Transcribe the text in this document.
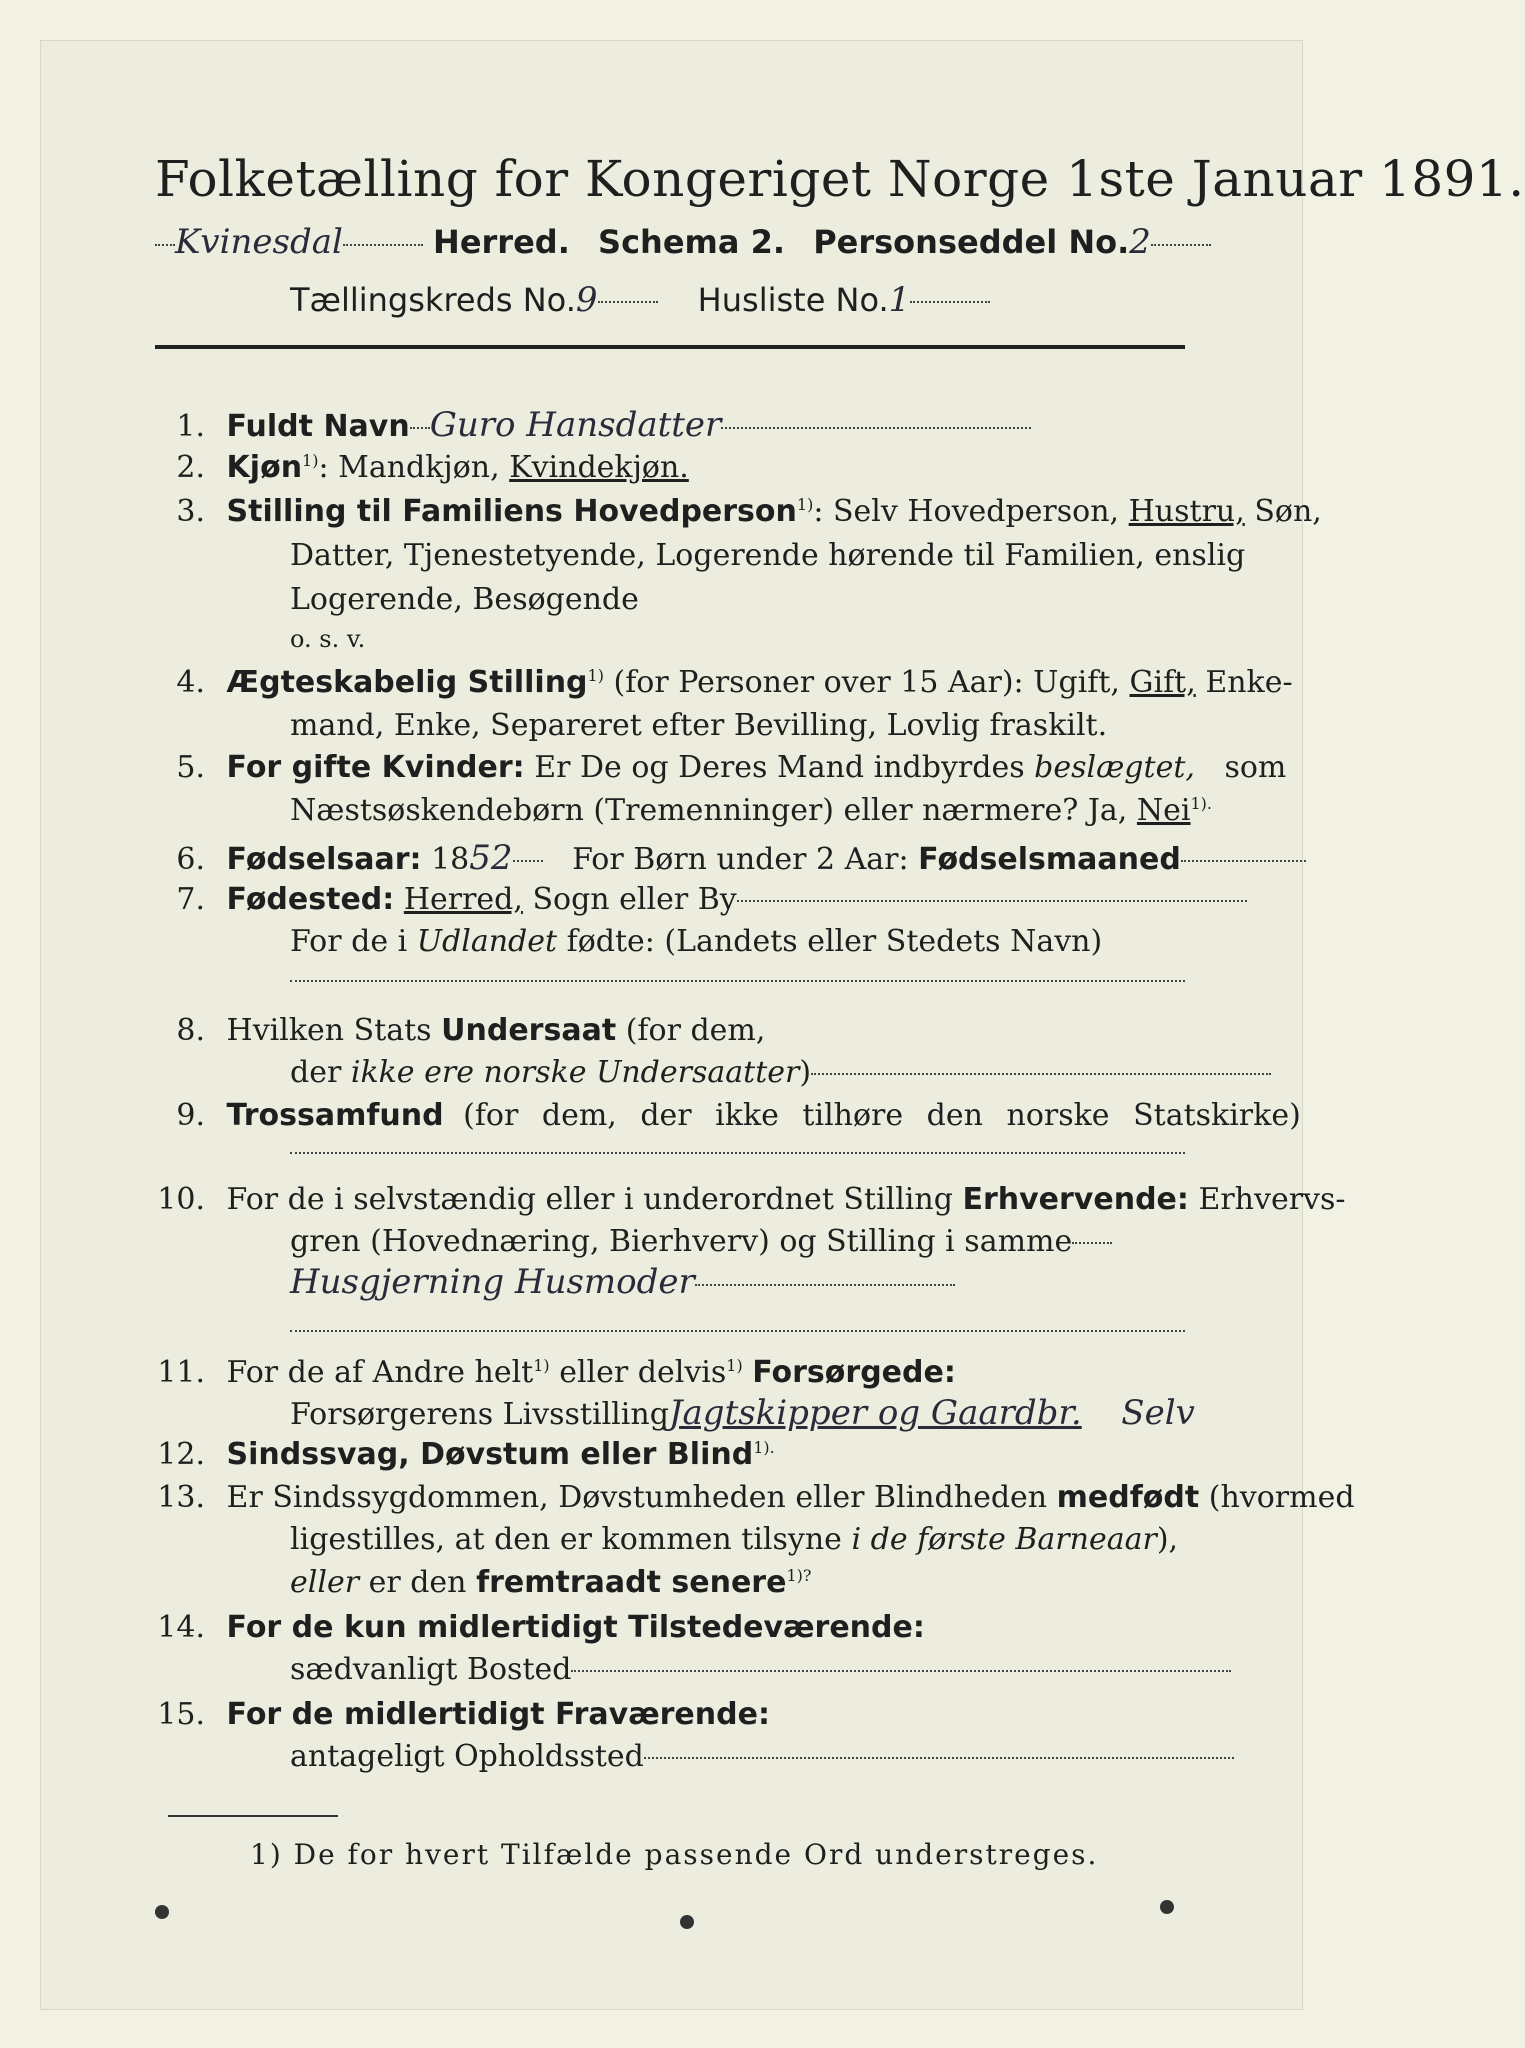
Folketælling for Kongeriget Norge 1ste Januar 1891.
Kvinesdal	Herred. Schema 2. Personseddel No.2
Tællingskreds No.9	Husliste No.1
1. Fuldt Navn Guro Hansdatter
2. Kjøn$^{1)}$: Mandkjøn, Kvindekjøn.
3. Stilling til Familiens Hovedperson$^{1)}$: Selv Hovedperson, Hustru, Søn,
Datter, Tjenestetyende, Logerende hørende til Familien, enslig
Logerende, Besøgende
o. s. v.
4. Ægteskabelig Stilling$^{1)}$ (for Personer over 15 Aar): Ugift, Gift, Enke-
mand, Enke, Separeret efter Bevilling, Lovlig fraskilt.
5. For gifte Kvinder: Er De og Deres Mand indbyrdes beslægtet, som
Næstsøskendebørn (Tremenninger) eller nærmere? Ja, Nei$^{1).}$
6. Fødselsaar: 1852 For Børn under 2 Aar: Fødselsmaaned
7. Fødested: Herred, Sogn eller By
For de i Udlandet fødte: (Landets eller Stedets Navn)
8. Hvilken Stats Undersaat (for dem,
der ikke ere norske Undersaatter)
9. Trossamfund (for dem, der ikke tilhøre den norske Statskirke)
10. For de i selvstændig eller i underordnet Stilling Erhvervende: Erhvervs-
gren (Hovednæring, Bierhverv) og Stilling i samme
Husgjerning Husmoder
11. For de af Andre helt$^{1)}$ eller delvis$^{1)}$ Forsørgede:
Forsørgerens LivsstillingJagtskipper og Gaardbr. Selv
12. Sindssvag, Døvstum eller Blind$^{1).}$
13. Er Sindssygdommen, Døvstumheden eller Blindheden medfødt (hvormed
ligestilles, at den er kommen tilsyne i de første Barneaar),
eller er den fremtraadt senere$^{1)?}$
14. For de kun midlertidigt Tilstedeværende:
sædvanligt Bosted
15. For de midlertidigt Fraværende:
antageligt Opholdssted
1) De for hvert Tilfælde passende Ord understreges.
